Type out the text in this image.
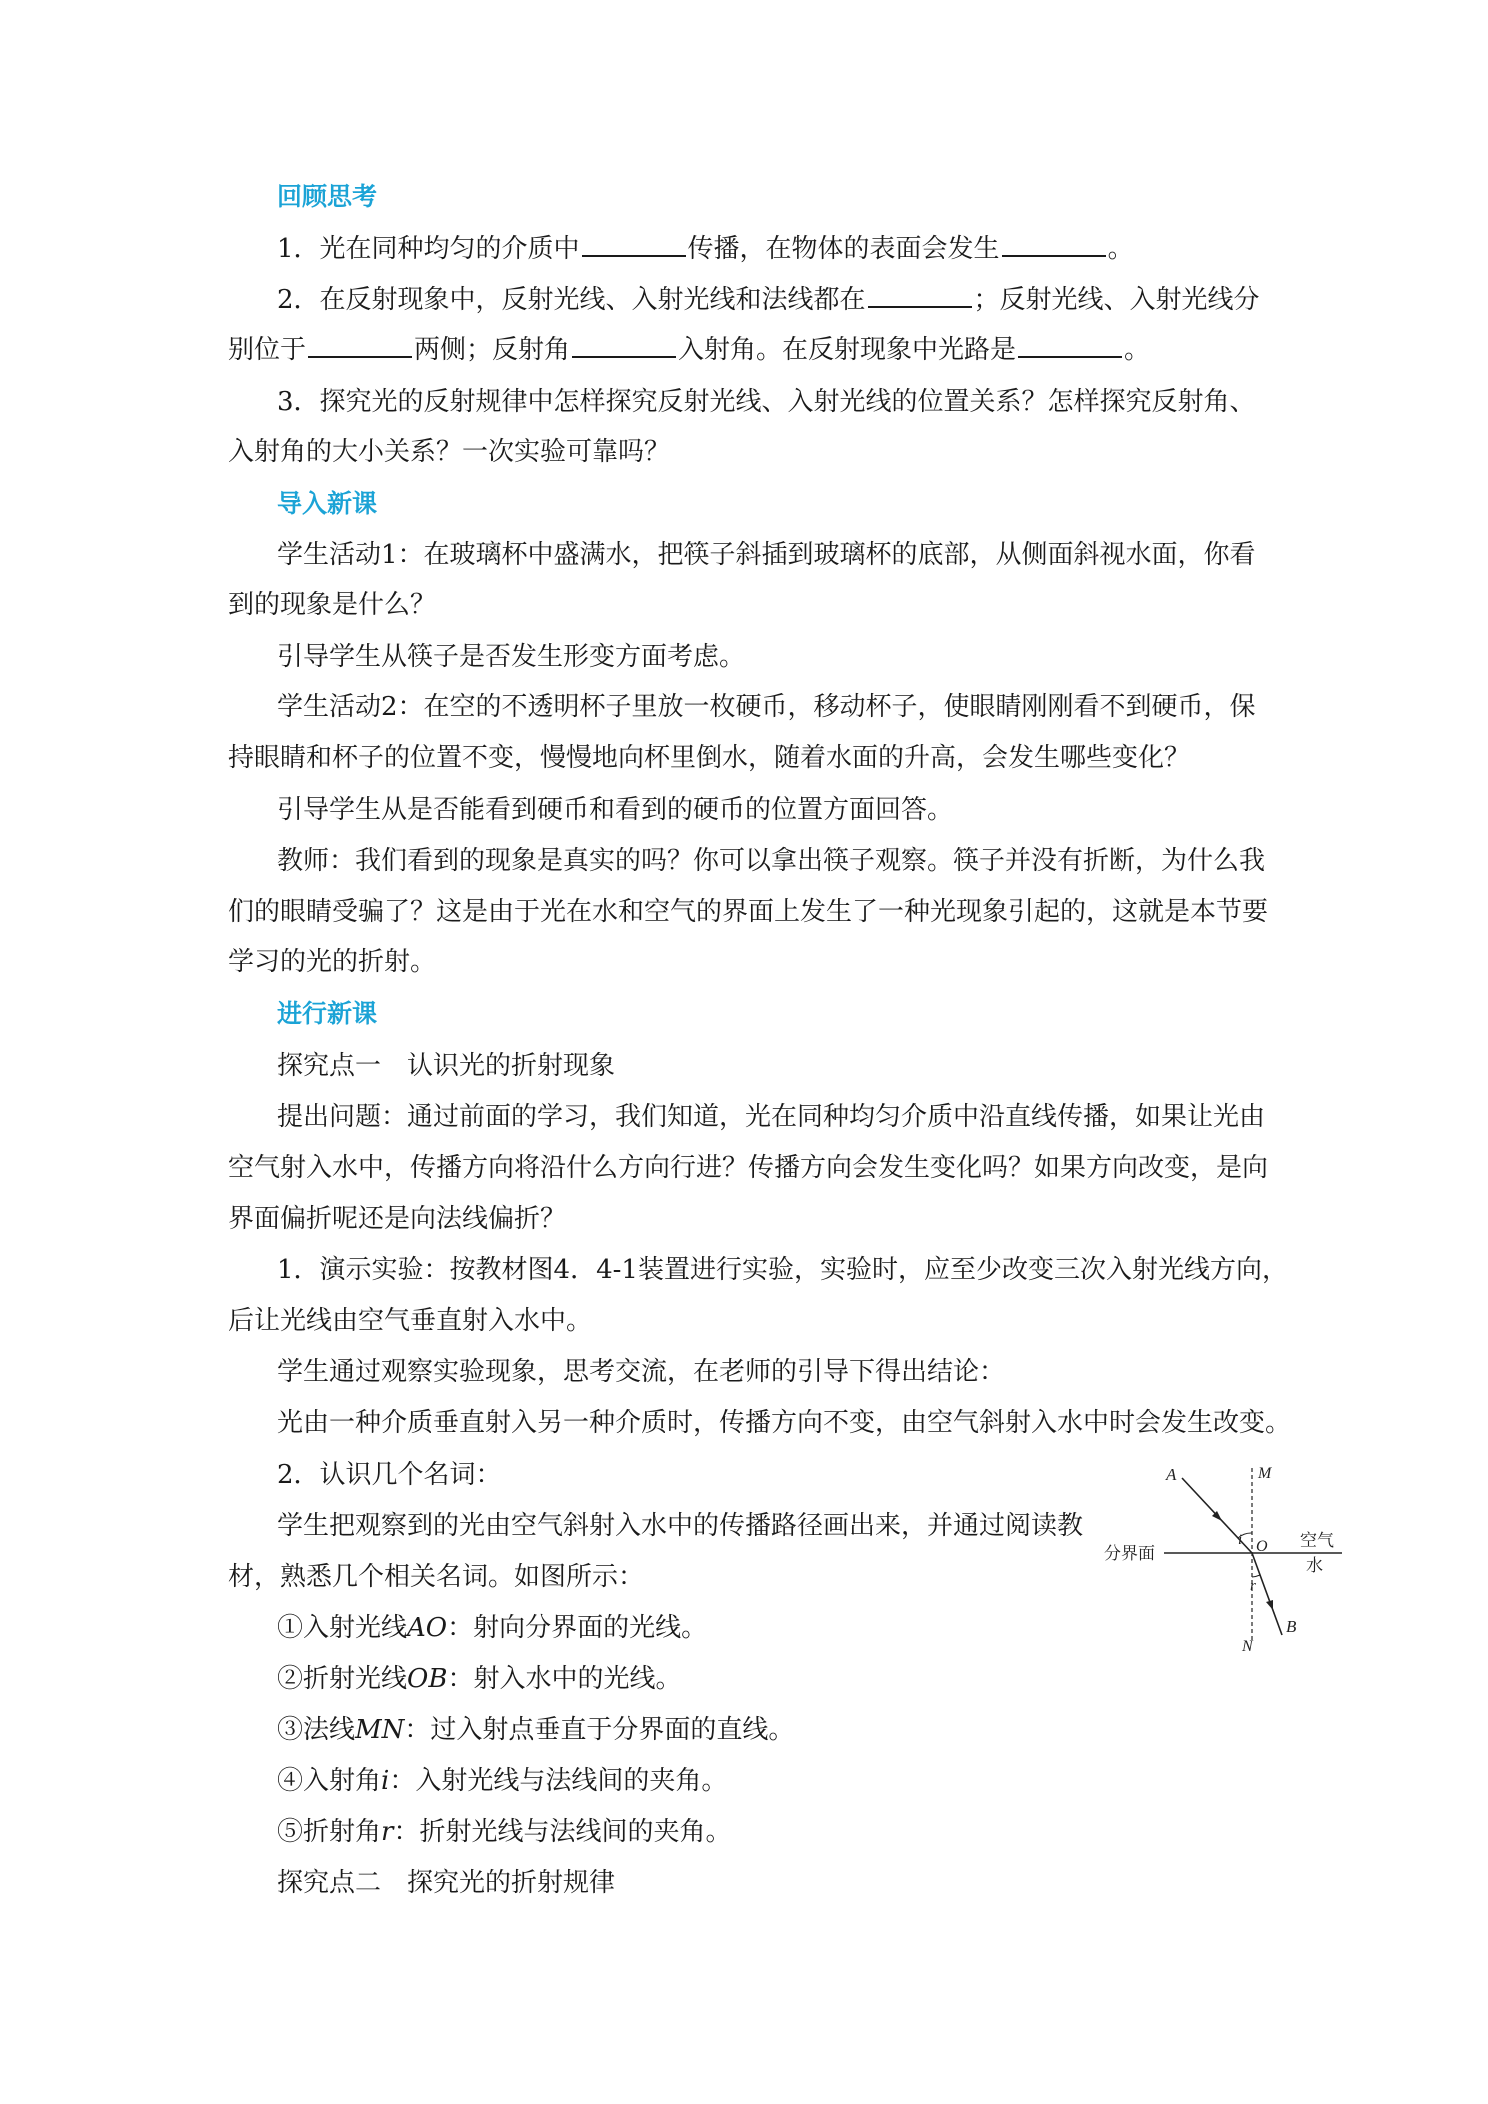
回顾思考
1．光在同种均匀的介质中	传播，在物体的表面会发生	。
2．在反射现象中，反射光线、入射光线和法线都在	；反射光线、入射光线分
别位于	两侧；反射角	入射角。在反射现象中光路是	。
3．探究光的反射规律中怎样探究反射光线、入射光线的位置关系？怎样探究反射角、
入射角的大小关系？一次实验可靠吗？
导入新课
学生活动1：在玻璃杯中盛满水，把筷子斜插到玻璃杯的底部，从侧面斜视水面，你看
到的现象是什么？
引导学生从筷子是否发生形变方面考虑。
学生活动2：在空的不透明杯子里放一枚硬币，移动杯子，使眼睛刚刚看不到硬币，保
持眼睛和杯子的位置不变，慢慢地向杯里倒水，随着水面的升高，会发生哪些变化？
引导学生从是否能看到硬币和看到的硬币的位置方面回答。
教师：我们看到的现象是真实的吗？你可以拿出筷子观察。筷子并没有折断，为什么我
们的眼睛受骗了？这是由于光在水和空气的界面上发生了一种光现象引起的，这就是本节要
学习的光的折射。
进行新课
探究点一　认识光的折射现象
提出问题：通过前面的学习，我们知道，光在同种均匀介质中沿直线传播，如果让光由
空气射入水中，传播方向将沿什么方向行进？传播方向会发生变化吗？如果方向改变，是向
界面偏折呢还是向法线偏折？
1．演示实验：按教材图4．4-1装置进行实验，实验时，应至少改变三次入射光线方向，
后让光线由空气垂直射入水中。
学生通过观察实验现象，思考交流，在老师的引导下得出结论：
光由一种介质垂直射入另一种介质时，传播方向不变，由空气斜射入水中时会发生改变。
2．认识几个名词：
学生把观察到的光由空气斜射入水中的传播路径画出来，并通过阅读教
材，熟悉几个相关名词。如图所示：
①入射光线AO：射向分界面的光线。
②折射光线OB：射入水中的光线。
③法线MN：过入射点垂直于分界面的直线。
④入射角i：入射光线与法线间的夹角。
⑤折射角r：折射光线与法线间的夹角。
探究点二　探究光的折射规律
A	M
O
i
分界面
空气
水
r
B
N
